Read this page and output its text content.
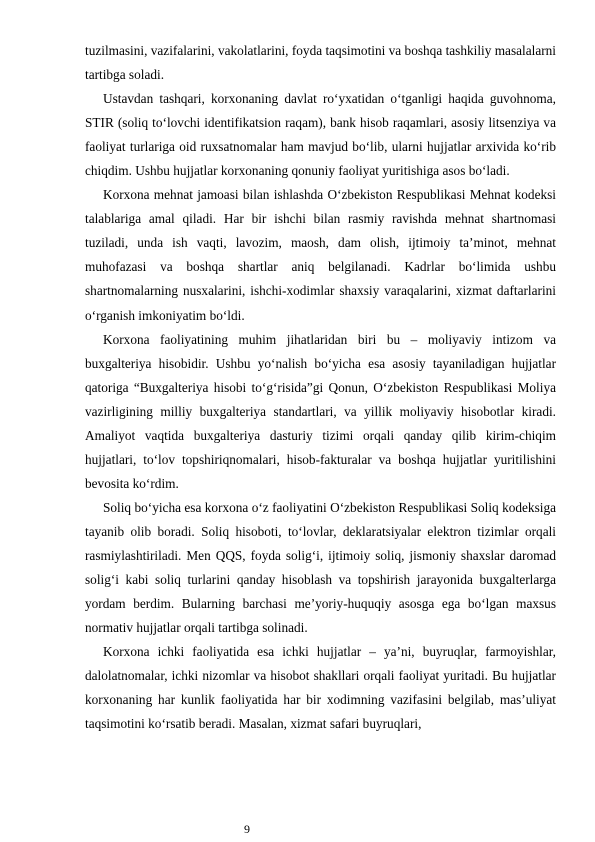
tuzilmasini, vazifalarini, vakolatlarini, foyda taqsimotini va boshqa tashkiliy masalalarni tartibga soladi.

Ustavdan tashqari, korxonaning davlat ro‘yxatidan o‘tganligi haqida guvohnoma, STIR (soliq to‘lovchi identifikatsion raqam), bank hisob raqamlari, asosiy litsenziya va faoliyat turlariga oid ruxsatnomalar ham mavjud bo‘lib, ularni hujjatlar arxivida ko‘rib chiqdim. Ushbu hujjatlar korxonaning qonuniy faoliyat yuritishiga asos bo‘ladi.

Korxona mehnat jamoasi bilan ishlashda O‘zbekiston Respublikasi Mehnat kodeksi talablariga amal qiladi. Har bir ishchi bilan rasmiy ravishda mehnat shartnomasi tuziladi, unda ish vaqti, lavozim, maosh, dam olish, ijtimoiy ta’minot, mehnat muhofazasi va boshqa shartlar aniq belgilanadi. Kadrlar bo‘limida ushbu shartnomalarning nusxalarini, ishchi-xodimlar shaxsiy varaqalarini, xizmat daftarlarini o‘rganish imkoniyatim bo‘ldi.

Korxona faoliyatining muhim jihatlaridan biri bu – moliyaviy intizom va buxgalteriya hisobidir. Ushbu yo‘nalish bo‘yicha esa asosiy tayaniladigan hujjatlar qatoriga “Buxgalteriya hisobi to‘g‘risida”gi Qonun, O‘zbekiston Respublikasi Moliya vazirligining milliy buxgalteriya standartlari, va yillik moliyaviy hisobotlar kiradi. Amaliyot vaqtida buxgalteriya dasturiy tizimi orqali qanday qilib kirim-chiqim hujjatlari, to‘lov topshiriqnomalari, hisob-fakturalar va boshqa hujjatlar yuritilishini bevosita ko‘rdim.

Soliq bo‘yicha esa korxona o‘z faoliyatini O‘zbekiston Respublikasi Soliq kodeksiga tayanib olib boradi. Soliq hisoboti, to‘lovlar, deklaratsiyalar elektron tizimlar orqali rasmiylashtiriladi. Men QQS, foyda solig‘i, ijtimoiy soliq, jismoniy shaxslar daromad solig‘i kabi soliq turlarini qanday hisoblash va topshirish jarayonida buxgalterlarga yordam berdim. Bularning barchasi me’yoriy-huquqiy asosga ega bo‘lgan maxsus normativ hujjatlar orqali tartibga solinadi.

Korxona ichki faoliyatida esa ichki hujjatlar – ya’ni, buyruqlar, farmoyishlar, dalolatnomalar, ichki nizomlar va hisobot shakllari orqali faoliyat yuritadi. Bu hujjatlar korxonaning har kunlik faoliyatida har bir xodimning vazifasini belgilab, mas’uliyat taqsimotini ko‘rsatib beradi. Masalan, xizmat safari buyruqlari,

9
